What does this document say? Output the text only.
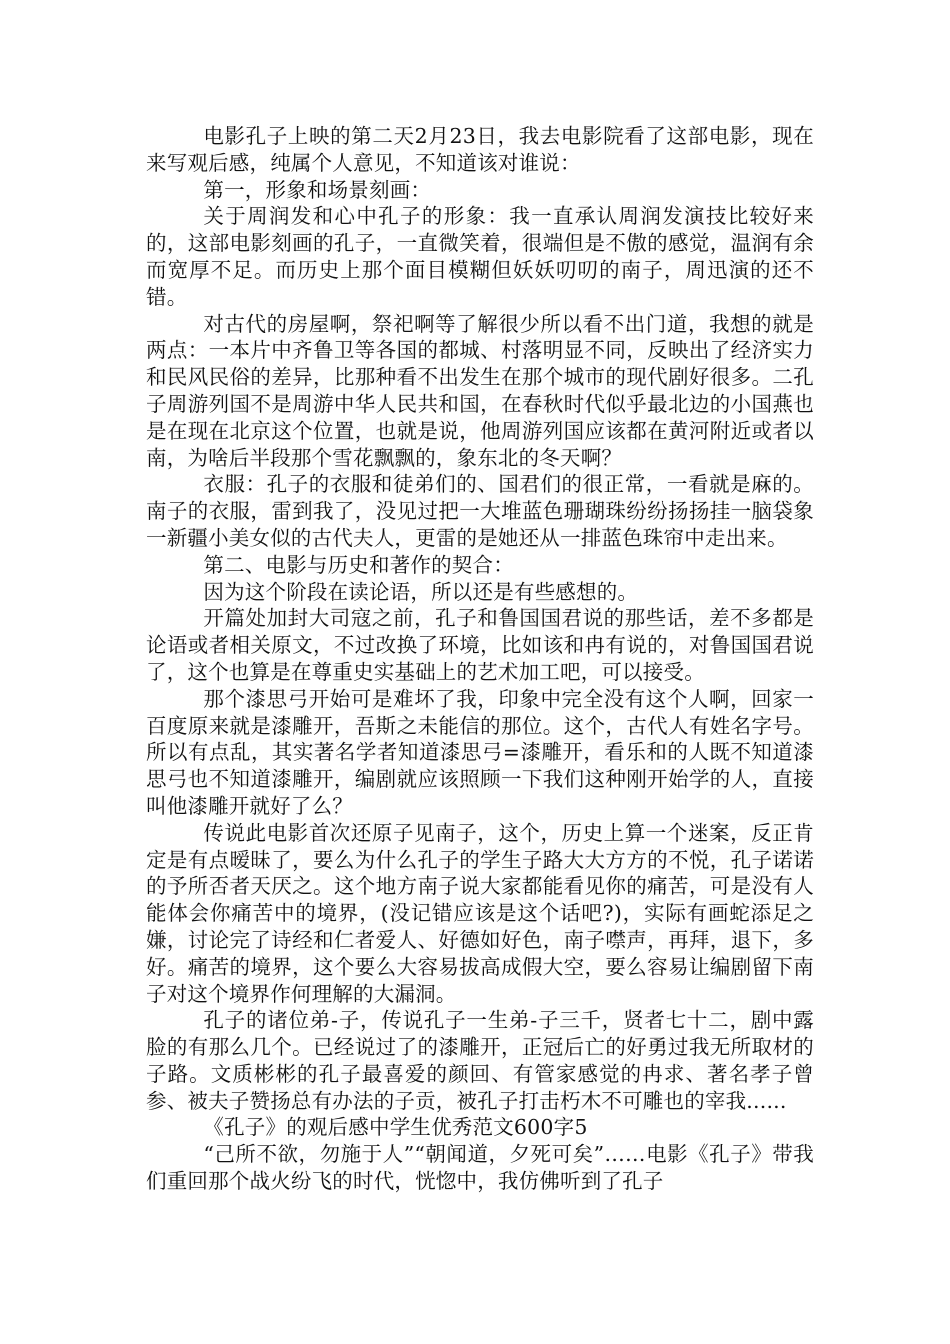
电影孔子上映的第二天2月23日，我去电影院看了这部电影，现在来写观后感，纯属个人意见，不知道该对谁说：

第一，形象和场景刻画：

关于周润发和心中孔子的形象：我一直承认周润发演技比较好来的，这部电影刻画的孔子，一直微笑着，很端但是不傲的感觉，温润有余而宽厚不足。而历史上那个面目模糊但妖妖叨叨的南子，周迅演的还不错。

对古代的房屋啊，祭祀啊等了解很少所以看不出门道，我想的就是两点：一本片中齐鲁卫等各国的都城、村落明显不同，反映出了经济实力和民风民俗的差异，比那种看不出发生在那个城市的现代剧好很多。二孔子周游列国不是周游中华人民共和国，在春秋时代似乎最北边的小国燕也是在现在北京这个位置，也就是说，他周游列国应该都在黄河附近或者以南，为啥后半段那个雪花飘飘的，象东北的冬天啊？

衣服：孔子的衣服和徒弟们的、国君们的很正常，一看就是麻的。南子的衣服，雷到我了，没见过把一大堆蓝色珊瑚珠纷纷扬扬挂一脑袋象一新疆小美女似的古代夫人，更雷的是她还从一排蓝色珠帘中走出来。

第二、电影与历史和著作的契合：

因为这个阶段在读论语，所以还是有些感想的。

开篇处加封大司寇之前，孔子和鲁国国君说的那些话，差不多都是论语或者相关原文，不过改换了环境，比如该和冉有说的，对鲁国国君说了，这个也算是在尊重史实基础上的艺术加工吧，可以接受。

那个漆思弓开始可是难坏了我，印象中完全没有这个人啊，回家一百度原来就是漆雕开，吾斯之未能信的那位。这个，古代人有姓名字号。所以有点乱，其实著名学者知道漆思弓=漆雕开，看乐和的人既不知道漆思弓也不知道漆雕开，编剧就应该照顾一下我们这种刚开始学的人，直接叫他漆雕开就好了么？

传说此电影首次还原子见南子，这个，历史上算一个迷案，反正肯定是有点暧昧了，要么为什么孔子的学生子路大大方方的不悦，孔子诺诺的予所否者天厌之。这个地方南子说大家都能看见你的痛苦，可是没有人能体会你痛苦中的境界，(没记错应该是这个话吧?)，实际有画蛇添足之嫌，讨论完了诗经和仁者爱人、好德如好色，南子噤声，再拜，退下，多好。痛苦的境界，这个要么大容易拔高成假大空，要么容易让编剧留下南子对这个境界作何理解的大漏洞。

孔子的诸位弟-子，传说孔子一生弟-子三千，贤者七十二，剧中露脸的有那么几个。已经说过了的漆雕开，正冠后亡的好勇过我无所取材的子路。文质彬彬的孔子最喜爱的颜回、有管家感觉的冉求、著名孝子曾参、被夫子赞扬总有办法的子贡，被孔子打击朽木不可雕也的宰我......

《孔子》的观后感中学生优秀范文600字5

“己所不欲，勿施于人”“朝闻道，夕死可矣”……电影《孔子》带我们重回那个战火纷飞的时代，恍惚中，我仿佛听到了孔子
